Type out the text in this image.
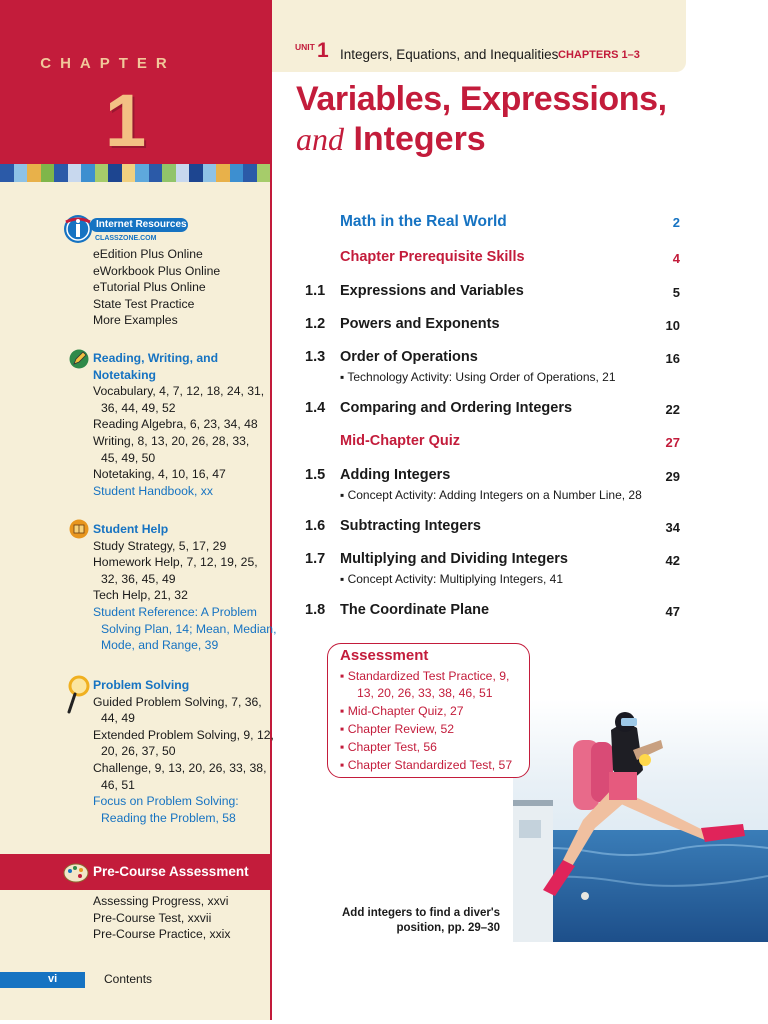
CHAPTER
1
Internet Resources
CLASSZONE.COM
eEdition Plus Online
eWorkbook Plus Online
eTutorial Plus Online
State Test Practice
More Examples
Reading, Writing, and
Notetaking
Vocabulary, 4, 7, 12, 18, 24, 31,
36, 44, 49, 52
Reading Algebra, 6, 23, 34, 48
Writing, 8, 13, 20, 26, 28, 33,
45, 49, 50
Notetaking, 4, 10, 16, 47
Student Handbook, xx
Student Help
Study Strategy, 5, 17, 29
Homework Help, 7, 12, 19, 25,
32, 36, 45, 49
Tech Help, 21, 32
Student Reference: A Problem
Solving Plan, 14; Mean, Median,
Mode, and Range, 39
Problem Solving
Guided Problem Solving, 7, 36,
44, 49
Extended Problem Solving, 9, 12,
20, 26, 37, 50
Challenge, 9, 13, 20, 26, 33, 38,
46, 51
Focus on Problem Solving:
Reading the Problem, 58
Pre-Course Assessment
Assessing Progress, xxvi
Pre-Course Test, xxvii
Pre-Course Practice, xxix
vi	Contents
UNIT 1 Integers, Equations, and Inequalities CHAPTERS 1–3
Variables, Expressions,
and Integers
Math in the Real World	2
Chapter Prerequisite Skills	4
1.1 Expressions and Variables	5
1.2 Powers and Exponents	10
1.3 Order of Operations	16
▪ Technology Activity: Using Order of Operations, 21
1.4 Comparing and Ordering Integers	22
Mid-Chapter Quiz	27
1.5 Adding Integers	29
▪ Concept Activity: Adding Integers on a Number Line, 28
1.6 Subtracting Integers	34
1.7 Multiplying and Dividing Integers	42
▪ Concept Activity: Multiplying Integers, 41
1.8 The Coordinate Plane	47
Assessment
▪ Standardized Test Practice, 9,
13, 20, 26, 33, 38, 46, 51
▪ Mid-Chapter Quiz, 27
▪ Chapter Review, 52
▪ Chapter Test, 56
▪ Chapter Standardized Test, 57
Add integers to find a diver's
position, pp. 29–30
